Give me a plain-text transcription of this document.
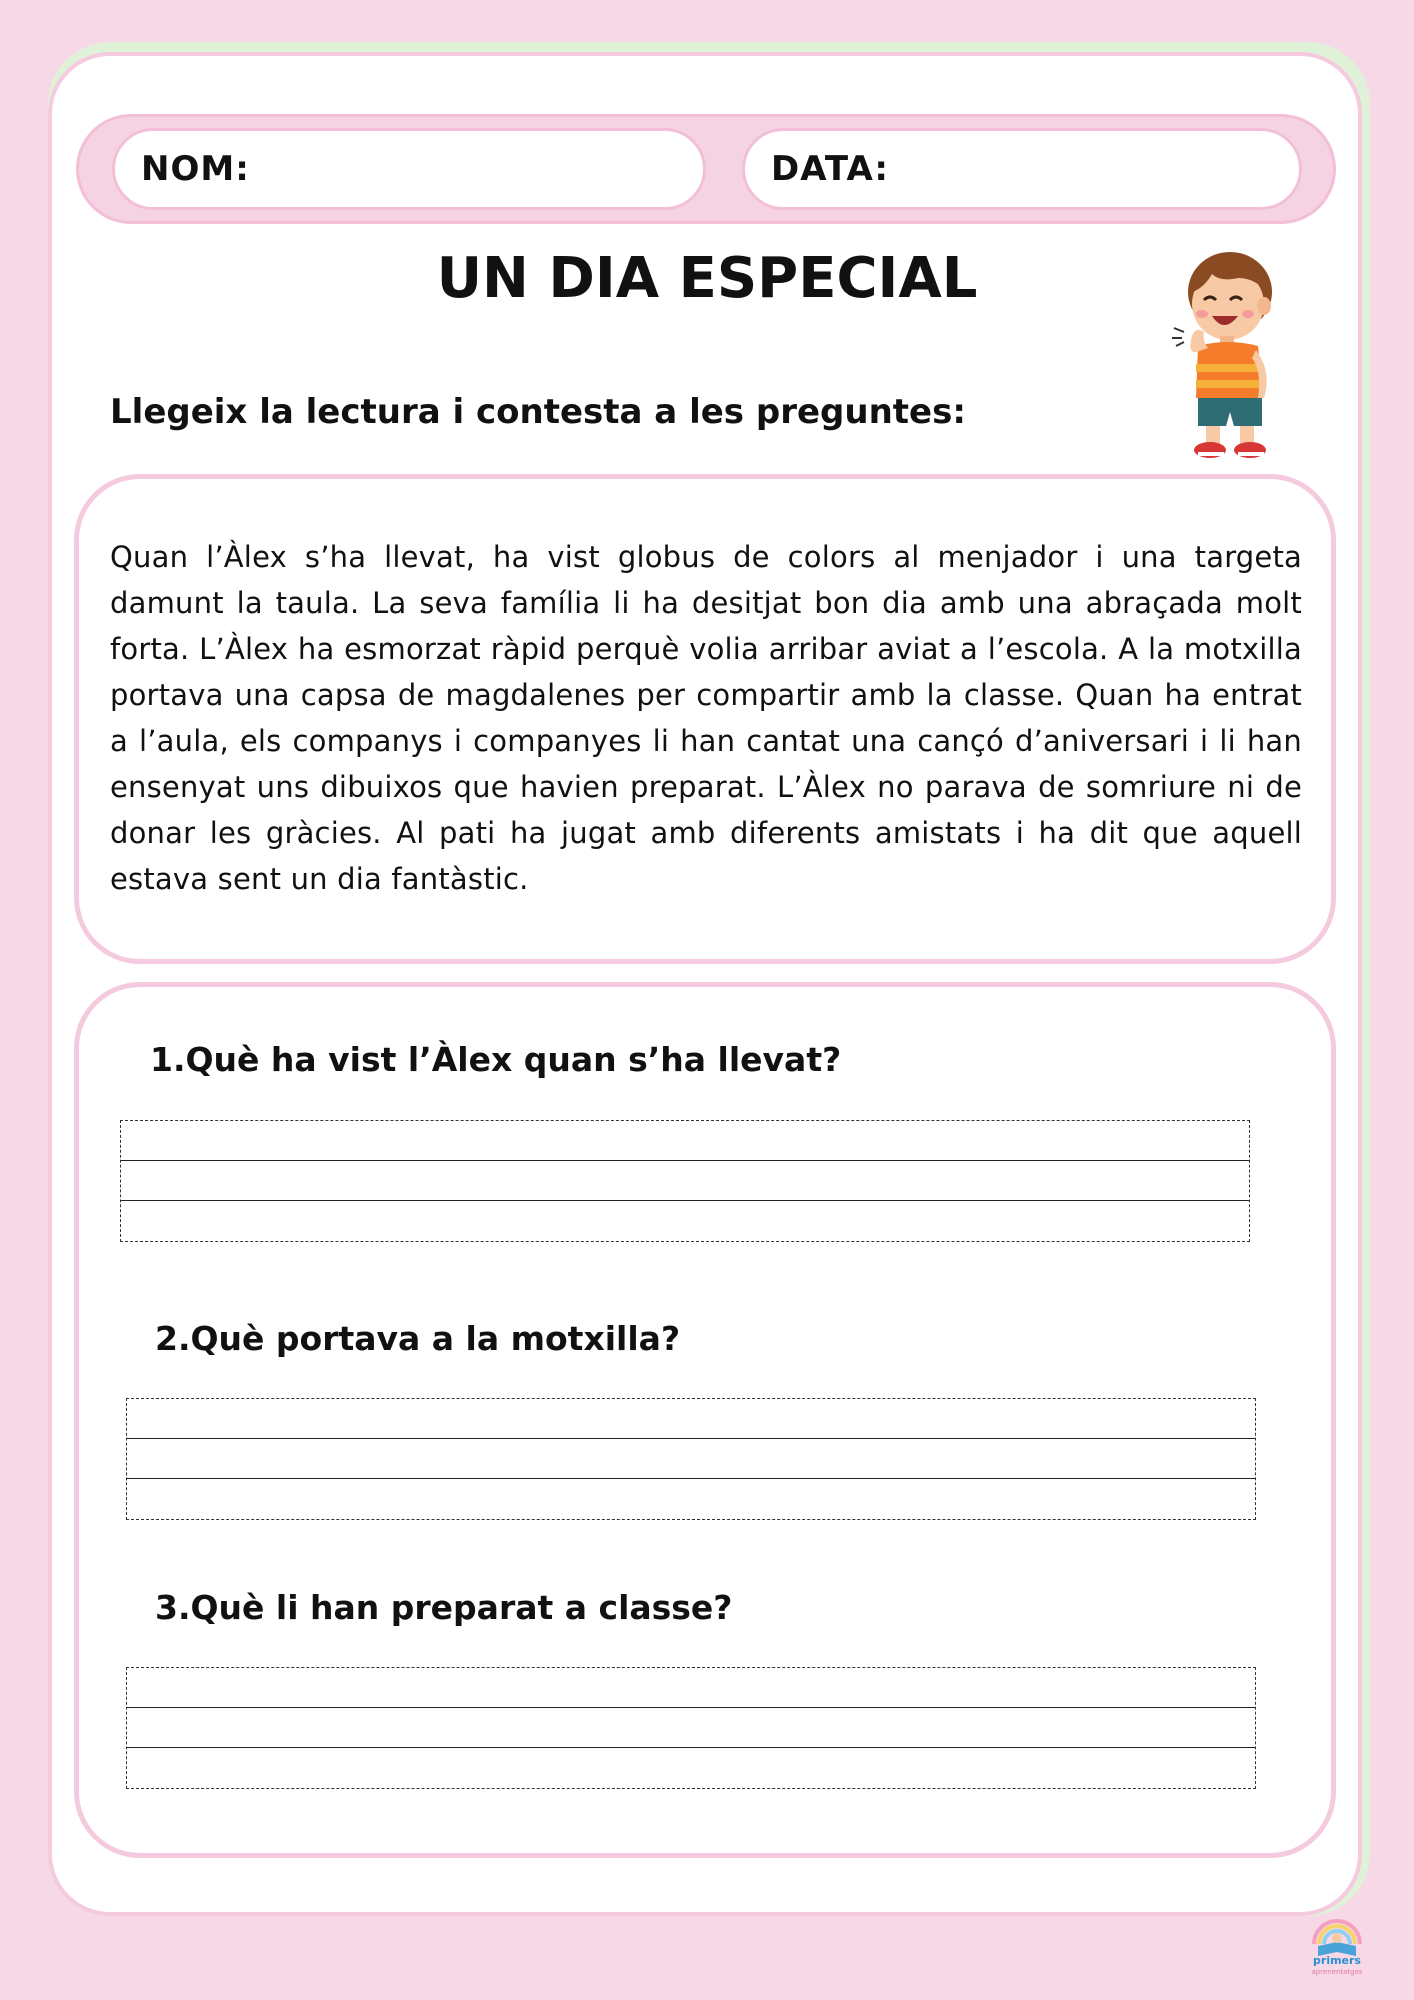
NOM:	DATA:
UN DIA ESPECIAL
Llegeix la lectura i contesta a les preguntes:
Quan l’Àlex s’ha llevat, ha vist globus de colors al menjador i una targeta damunt la taula. La seva família li ha desitjat bon dia amb una abraçada molt forta. L’Àlex ha esmorzat ràpid perquè volia arribar aviat a l’escola. A la motxilla portava una capsa de magdalenes per compartir amb la classe. Quan ha entrat a l’aula, els companys i companyes li han cantat una cançó d’aniversari i li han ensenyat uns dibuixos que havien preparat. L’Àlex no parava de somriure ni de donar les gràcies. Al pati ha jugat amb diferents amistats i ha dit que aquell estava sent un dia fantàstic.
1.Què ha vist l’Àlex quan s’ha llevat?
2.Què portava a la motxilla?
3.Què li han preparat a classe?
primers
aprenentatges
